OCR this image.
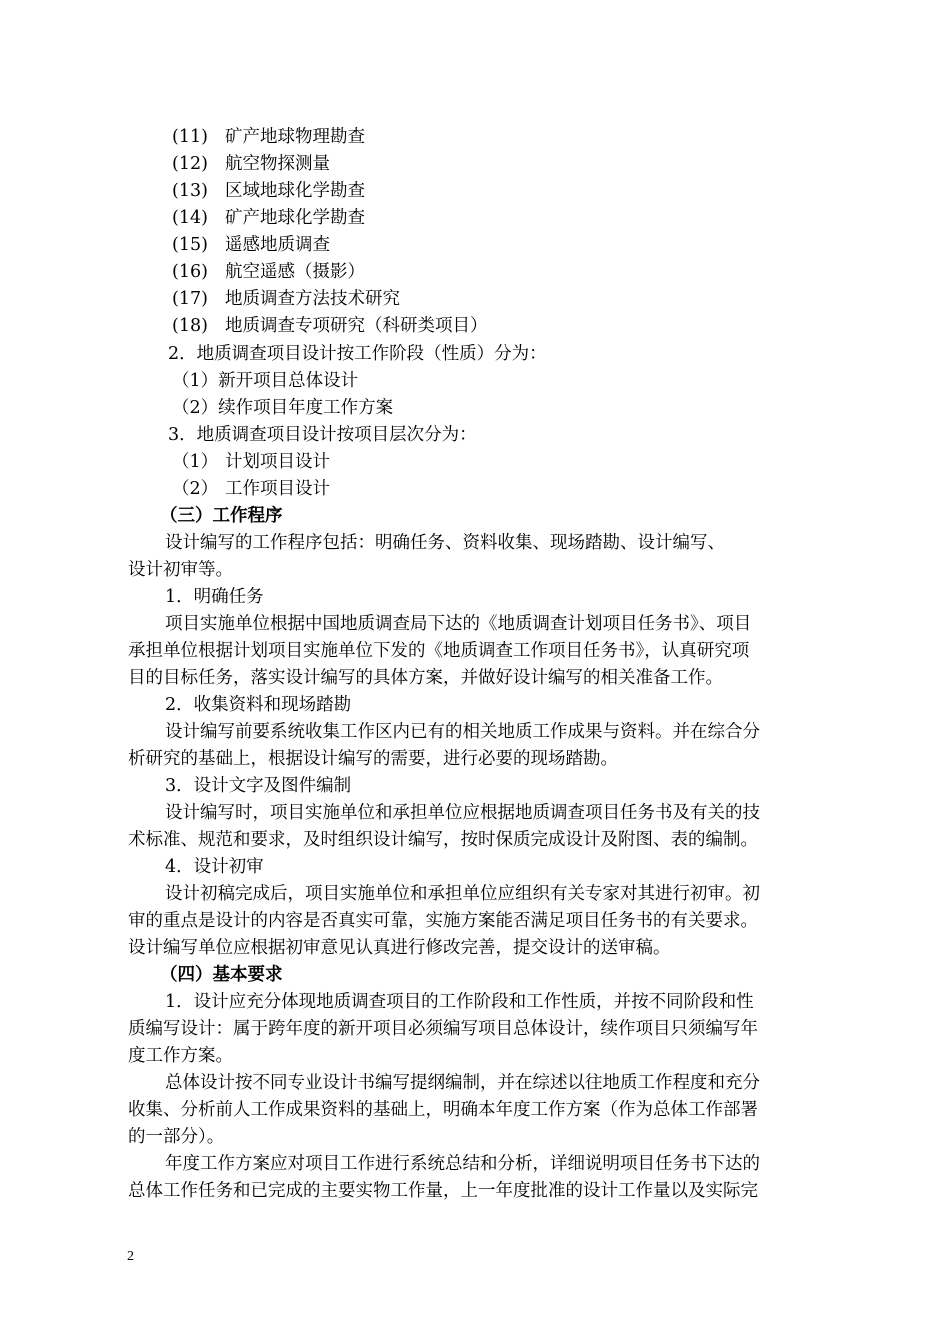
(11) 矿产地球物理勘查
(12) 航空物探测量
(13) 区域地球化学勘查
(14) 矿产地球化学勘查
(15) 遥感地质调查
(16) 航空遥感（摄影）
(17) 地质调查方法技术研究
(18) 地质调查专项研究（科研类项目）
2．地质调查项目设计按工作阶段（性质）分为：
（1）新开项目总体设计
（2）续作项目年度工作方案
3．地质调查项目设计按项目层次分为：
（1） 计划项目设计
（2） 工作项目设计
（三）工作程序
设计编写的工作程序包括：明确任务、资料收集、现场踏勘、设计编写、
设计初审等。
1．明确任务
项目实施单位根据中国地质调查局下达的《地质调查计划项目任务书》、项目
承担单位根据计划项目实施单位下发的《地质调查工作项目任务书》，认真研究项
目的目标任务，落实设计编写的具体方案，并做好设计编写的相关准备工作。
2．收集资料和现场踏勘
设计编写前要系统收集工作区内已有的相关地质工作成果与资料。并在综合分
析研究的基础上，根据设计编写的需要，进行必要的现场踏勘。
3．设计文字及图件编制
设计编写时，项目实施单位和承担单位应根据地质调查项目任务书及有关的技
术标准、规范和要求，及时组织设计编写，按时保质完成设计及附图、表的编制。
4．设计初审
设计初稿完成后，项目实施单位和承担单位应组织有关专家对其进行初审。初
审的重点是设计的内容是否真实可靠，实施方案能否满足项目任务书的有关要求。
设计编写单位应根据初审意见认真进行修改完善，提交设计的送审稿。
（四）基本要求
1．设计应充分体现地质调查项目的工作阶段和工作性质，并按不同阶段和性
质编写设计：属于跨年度的新开项目必须编写项目总体设计，续作项目只须编写年
度工作方案。
总体设计按不同专业设计书编写提纲编制，并在综述以往地质工作程度和充分
收集、分析前人工作成果资料的基础上，明确本年度工作方案（作为总体工作部署
的一部分）。
年度工作方案应对项目工作进行系统总结和分析，详细说明项目任务书下达的
总体工作任务和已完成的主要实物工作量，上一年度批准的设计工作量以及实际完
2
